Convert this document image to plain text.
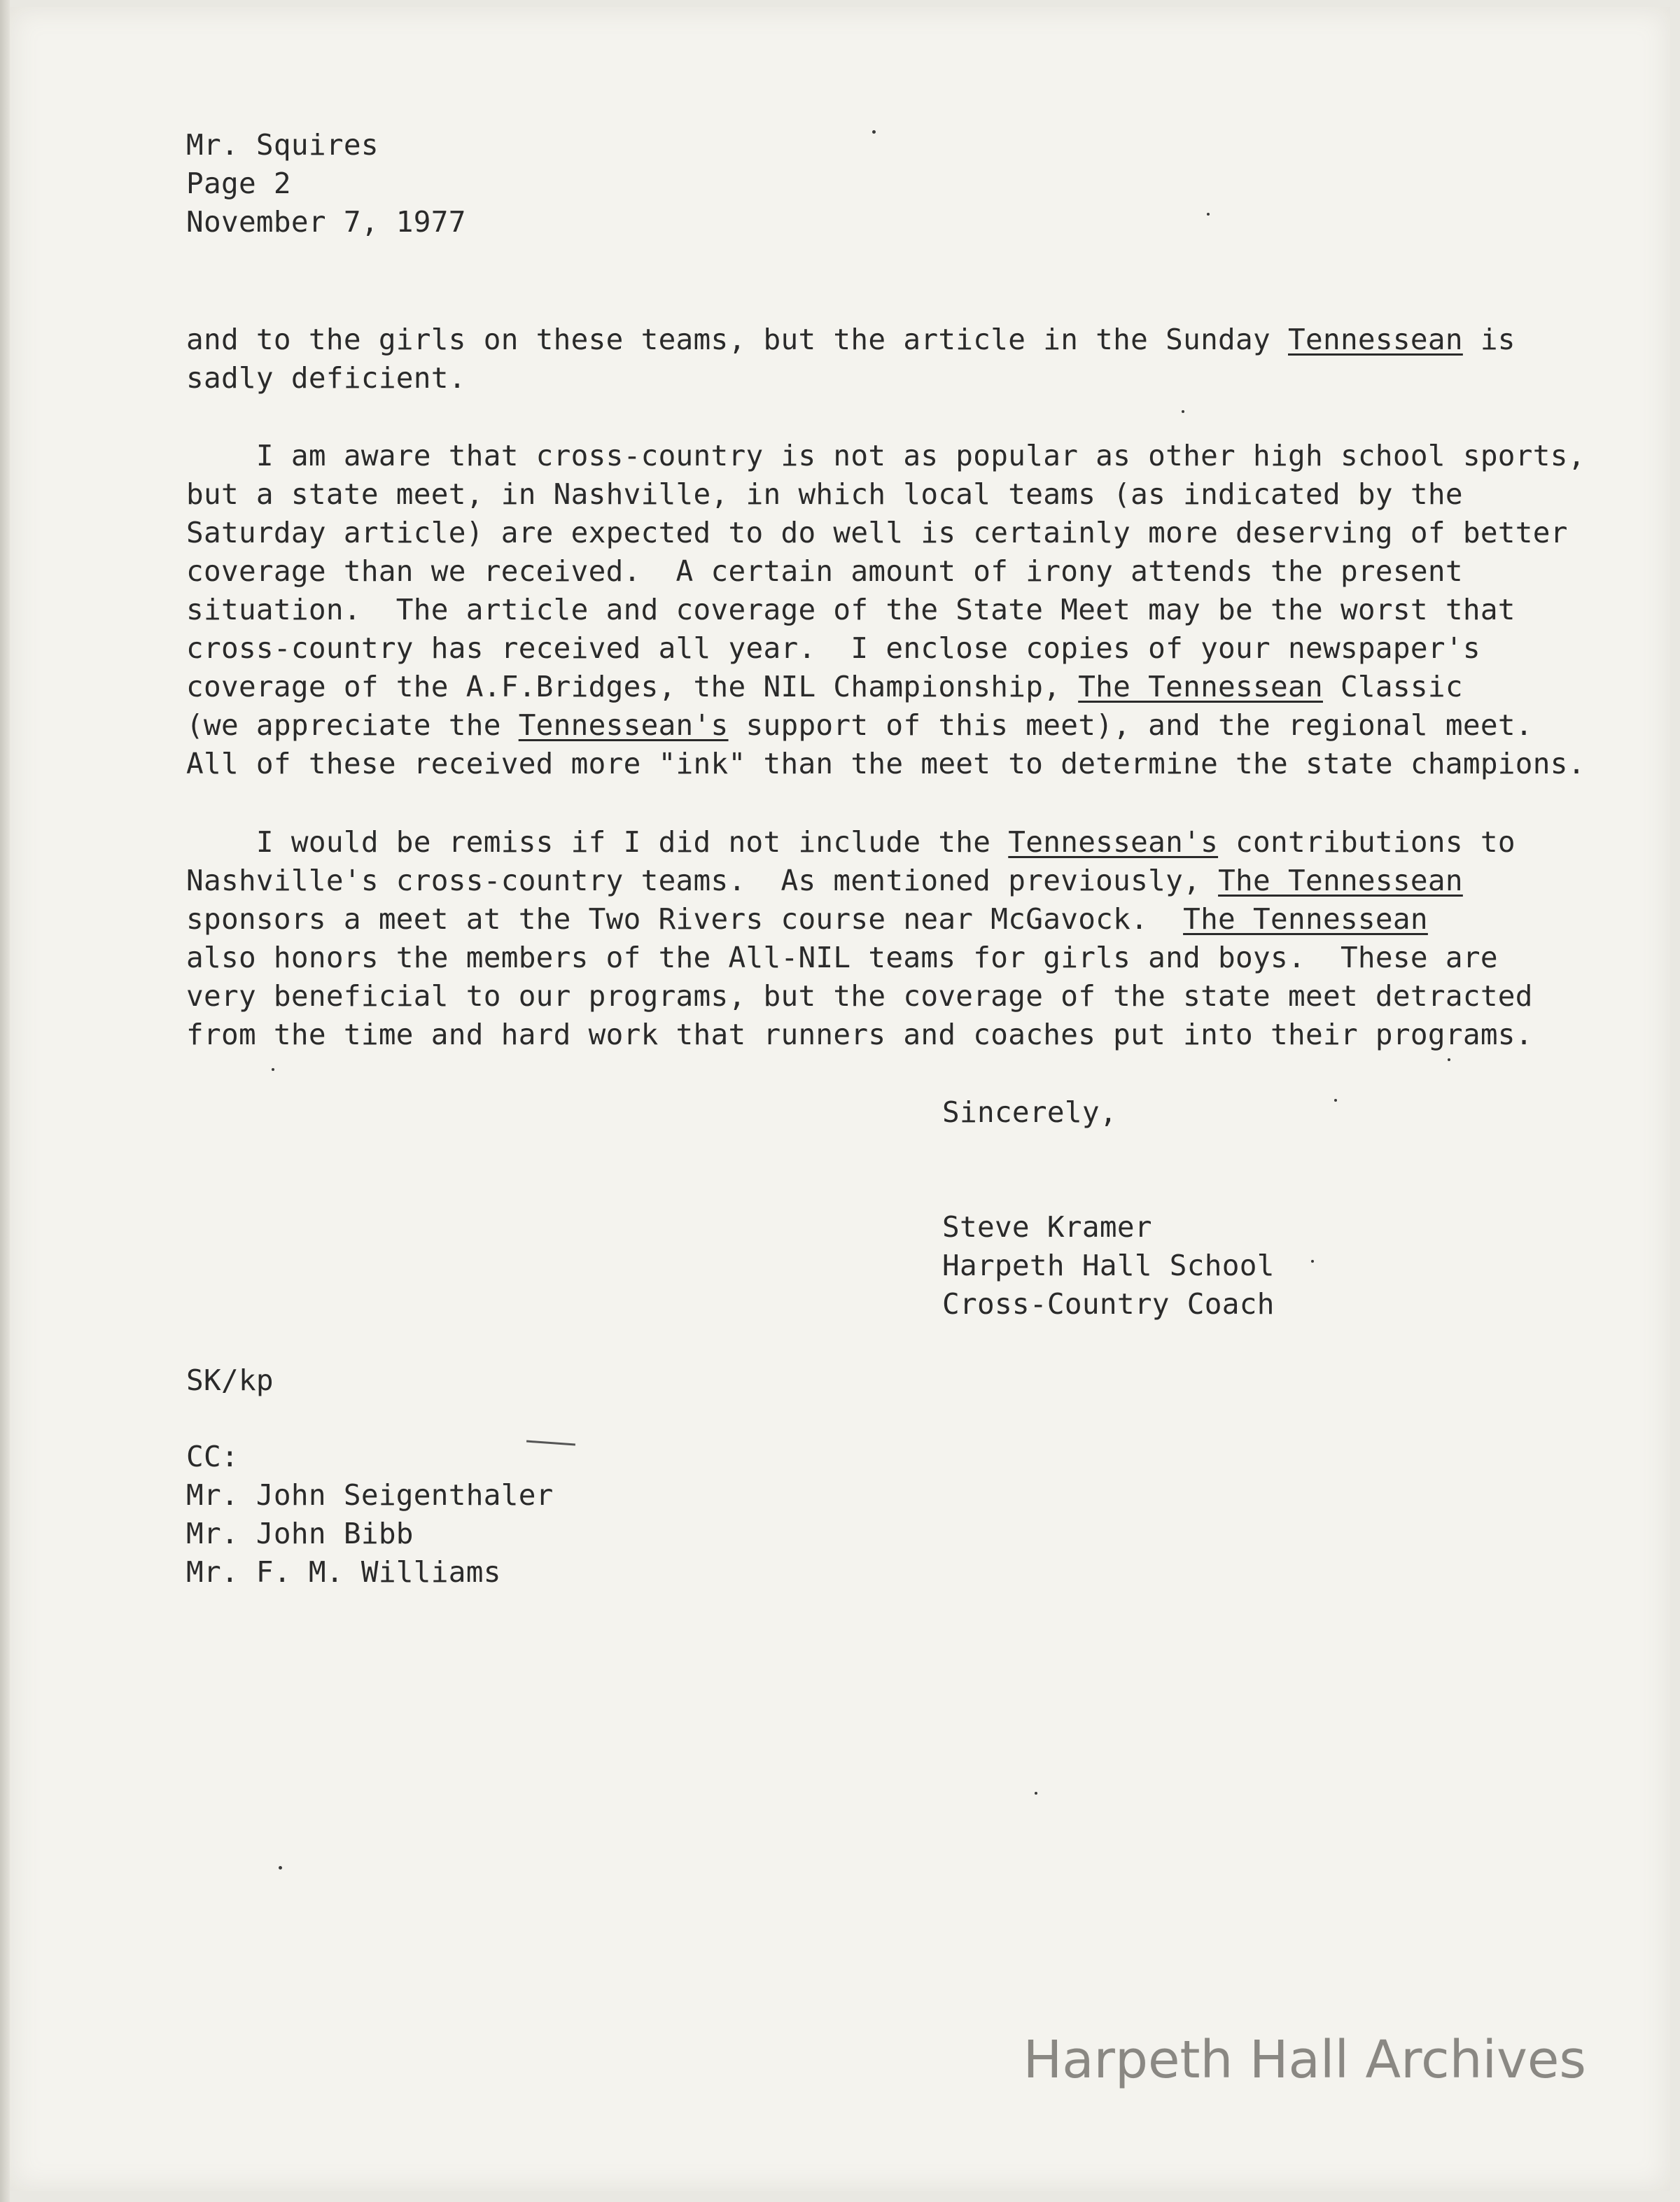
Mr. Squires
Page 2
November 7, 1977
and to the girls on these teams, but the article in the Sunday Tennessean is
sadly deficient.
I am aware that cross-country is not as popular as other high school sports,
but a state meet, in Nashville, in which local teams (as indicated by the
Saturday article) are expected to do well is certainly more deserving of better
coverage than we received.  A certain amount of irony attends the present
situation.  The article and coverage of the State Meet may be the worst that
cross-country has received all year.  I enclose copies of your newspaper's
coverage of the A.F.Bridges, the NIL Championship, The Tennessean Classic
(we appreciate the Tennessean's support of this meet), and the regional meet.
All of these received more "ink" than the meet to determine the state champions.
I would be remiss if I did not include the Tennessean's contributions to
Nashville's cross-country teams.  As mentioned previously, The Tennessean
sponsors a meet at the Two Rivers course near McGavock.  The Tennessean
also honors the members of the All-NIL teams for girls and boys.  These are
very beneficial to our programs, but the coverage of the state meet detracted
from the time and hard work that runners and coaches put into their programs.
Sincerely,
Steve Kramer
Harpeth Hall School
Cross-Country Coach
SK/kp
CC:
Mr. John Seigenthaler
Mr. John Bibb
Mr. F. M. Williams
Harpeth Hall Archives
